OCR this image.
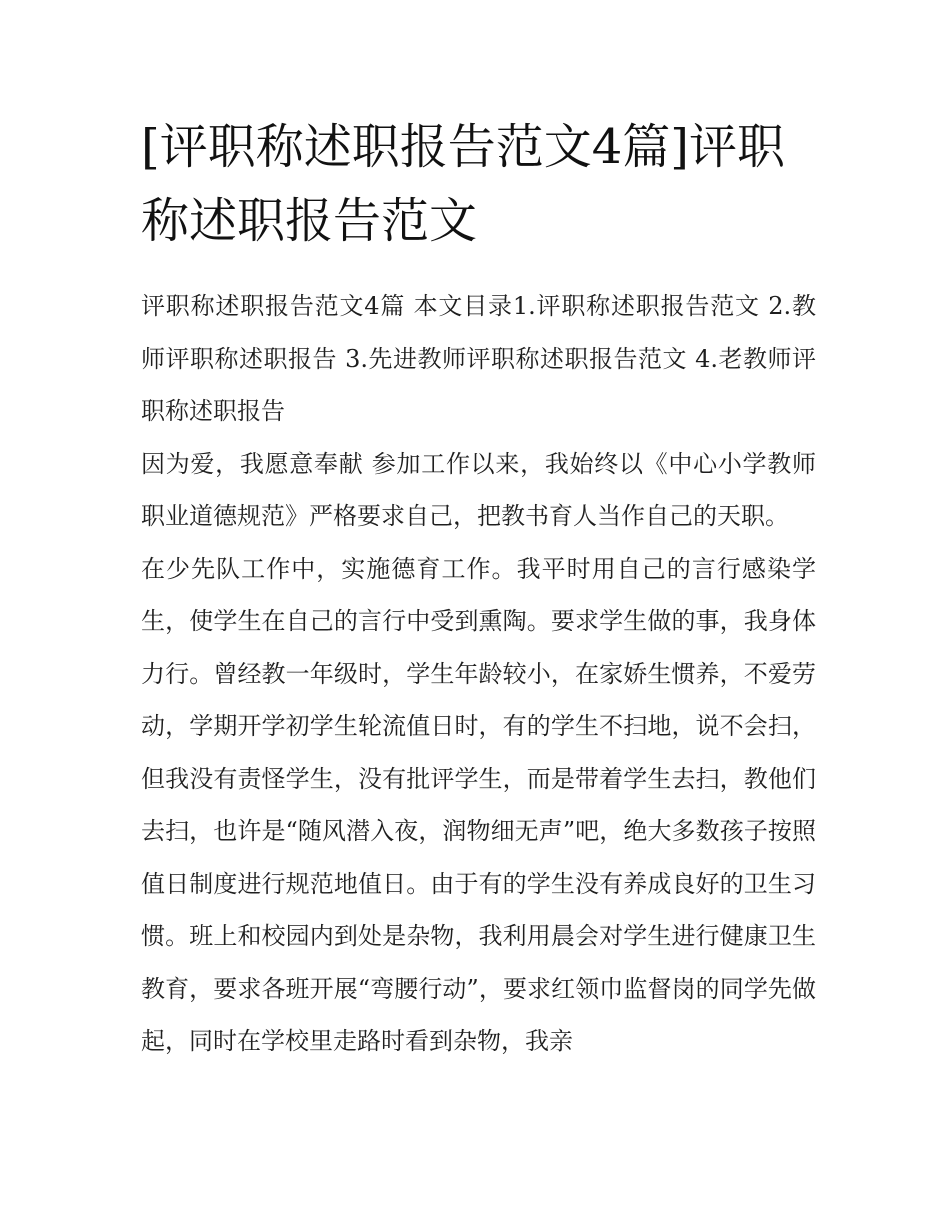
[评职称述职报告范文4篇]评职称述职报告范文

评职称述职报告范文4篇 本文目录1.评职称述职报告范文 2.教师评职称述职报告 3.先进教师评职称述职报告范文 4.老教师评职称述职报告

因为爱，我愿意奉献 参加工作以来，我始终以《中心小学教师职业道德规范》严格要求自己，把教书育人当作自己的天职。

在少先队工作中，实施德育工作。我平时用自己的言行感染学生，使学生在自己的言行中受到熏陶。要求学生做的事，我身体力行。曾经教一年级时，学生年龄较小，在家娇生惯养，不爱劳动，学期开学初学生轮流值日时，有的学生不扫地，说不会扫，但我没有责怪学生，没有批评学生，而是带着学生去扫，教他们去扫，也许是“随风潜入夜，润物细无声”吧，绝大多数孩子按照值日制度进行规范地值日。由于有的学生没有养成良好的卫生习惯。班上和校园内到处是杂物，我利用晨会对学生进行健康卫生教育，要求各班开展“弯腰行动”，要求红领巾监督岗的同学先做起，同时在学校里走路时看到杂物，我亲
